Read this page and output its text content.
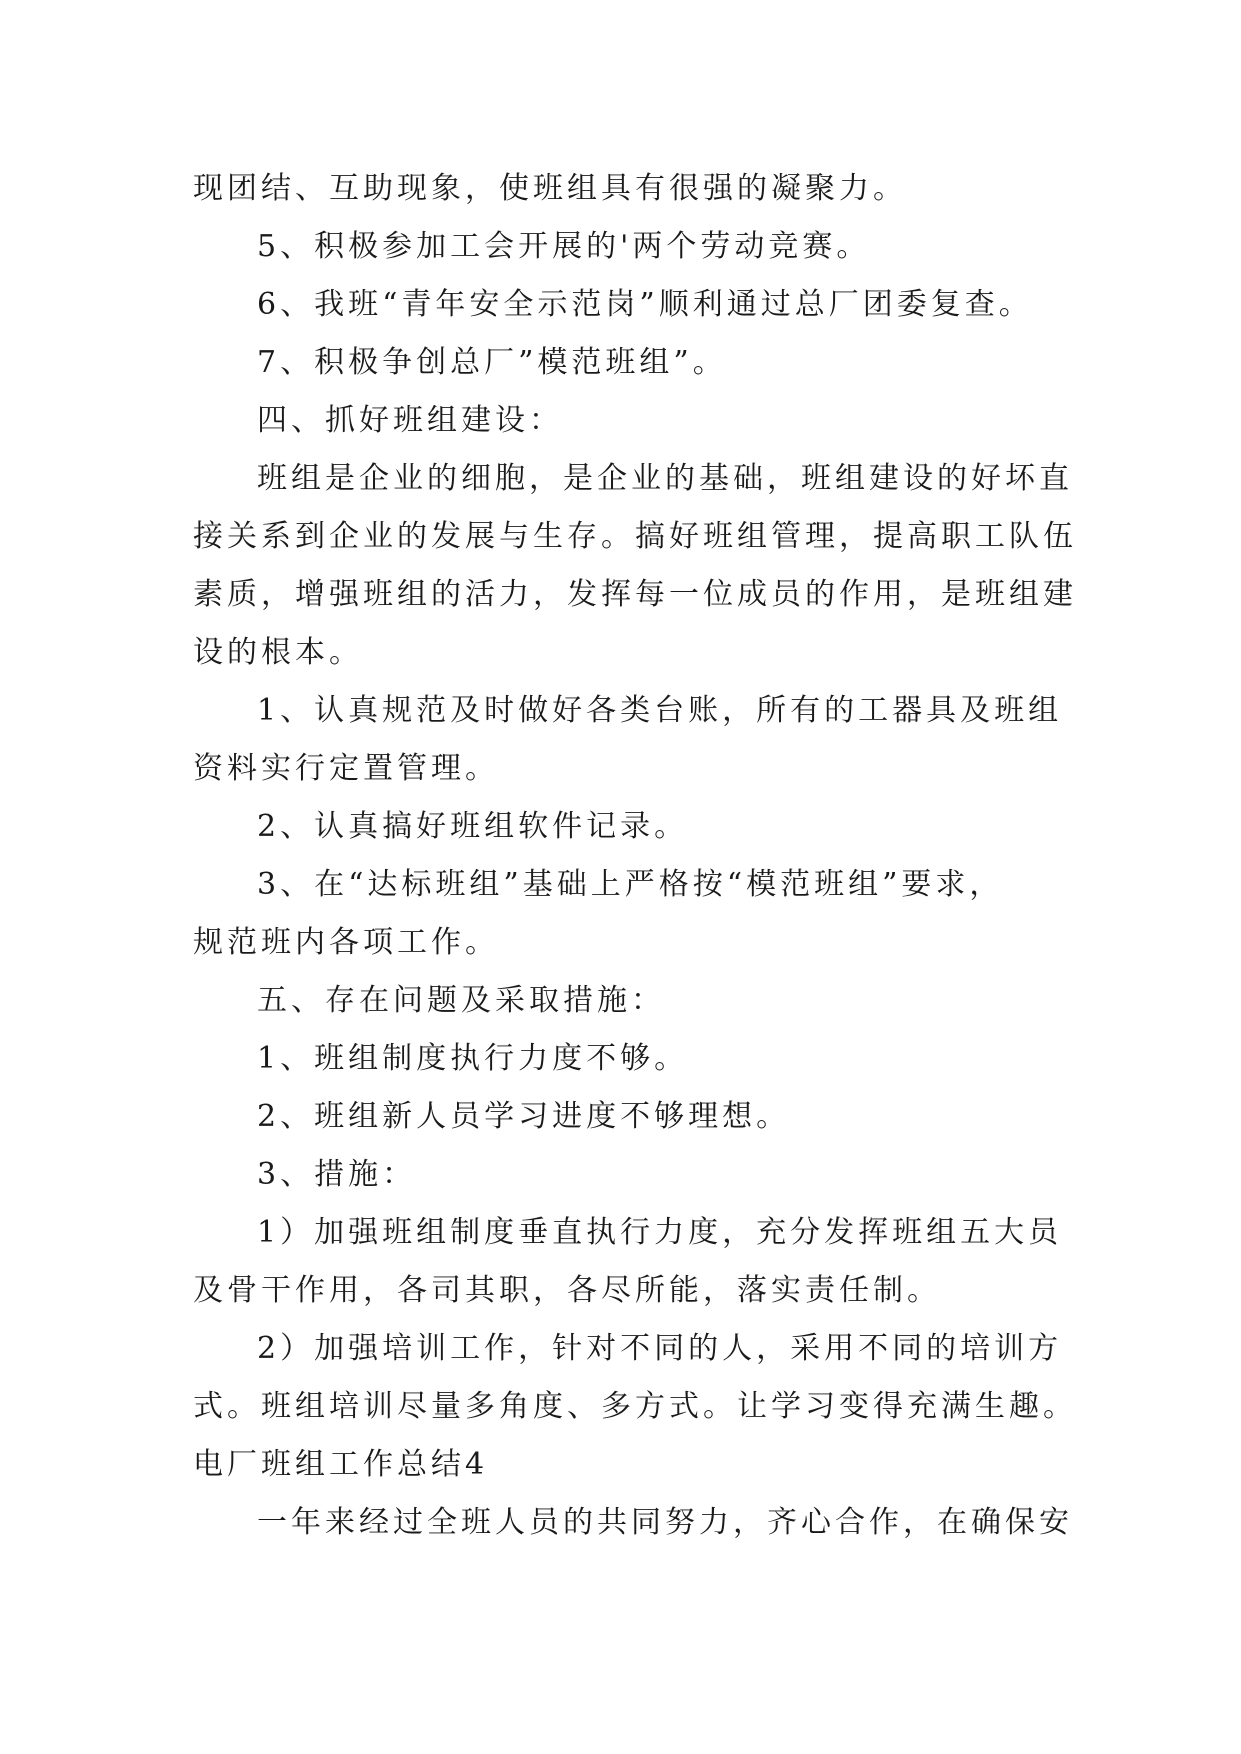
现团结、互助现象，使班组具有很强的凝聚力。
5、积极参加工会开展的'两个劳动竞赛。
6、我班“青年安全示范岗”顺利通过总厂团委复查。
7、积极争创总厂”模范班组”。
四、抓好班组建设：
班组是企业的细胞，是企业的基础，班组建设的好坏直
接关系到企业的发展与生存。搞好班组管理，提高职工队伍
素质，增强班组的活力，发挥每一位成员的作用，是班组建
设的根本。
1、认真规范及时做好各类台账，所有的工器具及班组
资料实行定置管理。
2、认真搞好班组软件记录。
3、在“达标班组”基础上严格按“模范班组”要求，
规范班内各项工作。
五、存在问题及采取措施：
1、班组制度执行力度不够。
2、班组新人员学习进度不够理想。
3、措施：
1）加强班组制度垂直执行力度，充分发挥班组五大员
及骨干作用，各司其职，各尽所能，落实责任制。
2）加强培训工作，针对不同的人，采用不同的培训方
式。班组培训尽量多角度、多方式。让学习变得充满生趣。
电厂班组工作总结4
一年来经过全班人员的共同努力，齐心合作，在确保安
